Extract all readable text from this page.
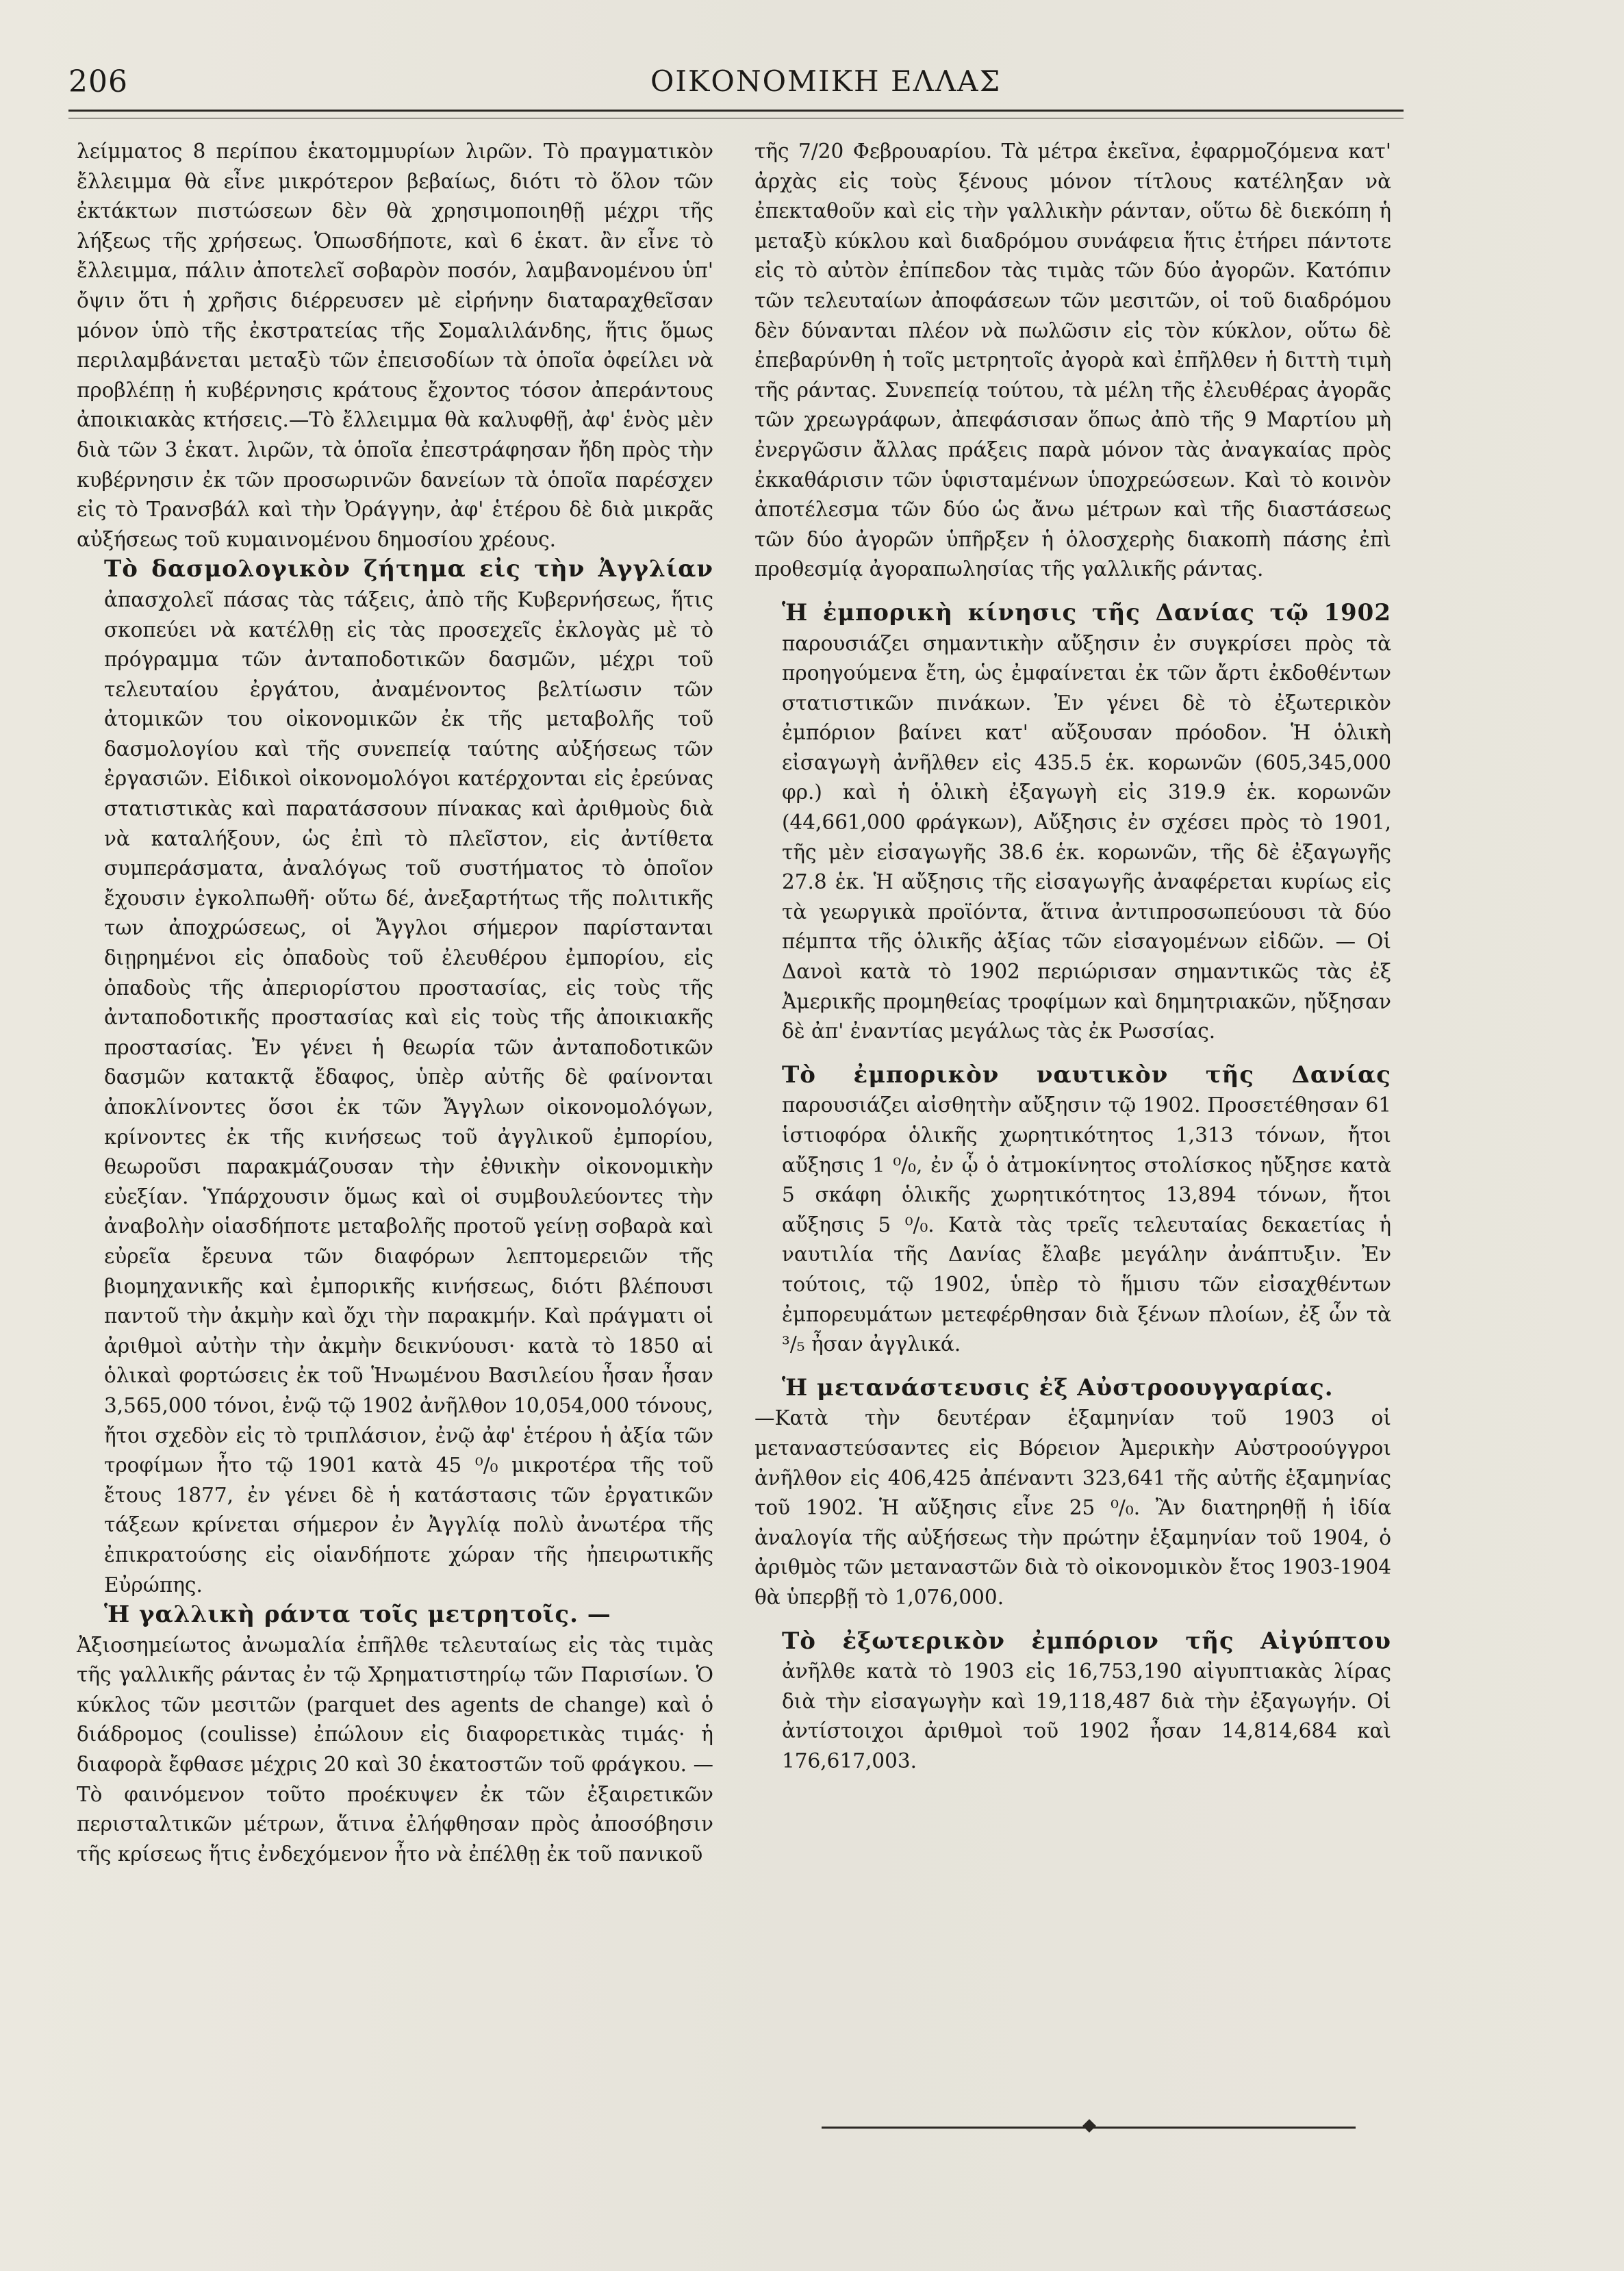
206	ΟΙΚΟΝΟΜΙΚΗ ΕΛΛΑΣ

λείμματος 8 περίπου ἑκατομμυρίων λιρῶν. Τὸ πραγματικὸν ἔλλειμμα θὰ εἶνε μικρότερον βεβαίως, διότι τὸ ὅλον τῶν ἐκτάκτων πιστώσεων δὲν θὰ χρησιμοποιηθῇ μέχρι τῆς λήξεως τῆς χρήσεως. Ὁπωσδήποτε, καὶ 6 ἑκατ. ἂν εἶνε τὸ ἔλλειμμα, πάλιν ἀποτελεῖ σοβαρὸν ποσόν, λαμβανομένου ὑπ' ὄψιν ὅτι ἡ χρῆσις διέρρευσεν μὲ εἰρήνην διαταραχθεῖσαν μόνον ὑπὸ τῆς ἐκστρατείας τῆς Σομαλιλάνδης, ἥτις ὅμως περιλαμβάνεται μεταξὺ τῶν ἐπεισοδίων τὰ ὁποῖα ὀφείλει νὰ προβλέπῃ ἡ κυβέρνησις κράτους ἔχοντος τόσον ἀπεράντους ἀποικιακὰς κτήσεις.—Τὸ ἔλλειμμα θὰ καλυφθῇ, ἀφ' ἑνὸς μὲν διὰ τῶν 3 ἑκατ. λιρῶν, τὰ ὁποῖα ἐπεστράφησαν ἤδη πρὸς τὴν κυβέρνησιν ἐκ τῶν προσωρινῶν δανείων τὰ ὁποῖα παρέσχεν εἰς τὸ Τρανσβάλ καὶ τὴν Ὀράγγην, ἀφ' ἑτέρου δὲ διὰ μικρᾶς αὐξήσεως τοῦ κυμαινομένου δημοσίου χρέους.

Τὸ δασμολογικὸν ζήτημα εἰς τὴν Ἀγγλίαν ἀπασχολεῖ πάσας τὰς τάξεις, ἀπὸ τῆς Κυβερνήσεως, ἥτις σκοπεύει νὰ κατέλθῃ εἰς τὰς προσεχεῖς ἐκλογὰς μὲ τὸ πρόγραμμα τῶν ἀνταποδοτικῶν δασμῶν, μέχρι τοῦ τελευταίου ἐργάτου, ἀναμένοντος βελτίωσιν τῶν ἀτομικῶν του οἰκονομικῶν ἐκ τῆς μεταβολῆς τοῦ δασμολογίου καὶ τῆς συνεπείᾳ ταύτης αὐξήσεως τῶν ἐργασιῶν. Εἰδικοὶ οἰκονομολόγοι κατέρχονται εἰς ἐρεύνας στατιστικὰς καὶ παρατάσσουν πίνακας καὶ ἀριθμοὺς διὰ νὰ καταλήξουν, ὡς ἐπὶ τὸ πλεῖστον, εἰς ἀντίθετα συμπεράσματα, ἀναλόγως τοῦ συστήματος τὸ ὁποῖον ἔχουσιν ἐγκολπωθῆ· οὕτω δέ, ἀνεξαρτήτως τῆς πολιτικῆς των ἀποχρώσεως, οἱ Ἄγγλοι σήμερον παρίστανται διῃρημένοι εἰς ὀπαδοὺς τοῦ ἐλευθέρου ἐμπορίου, εἰς ὀπαδοὺς τῆς ἀπεριορίστου προστασίας, εἰς τοὺς τῆς ἀνταποδοτικῆς προστασίας καὶ εἰς τοὺς τῆς ἀποικιακῆς προστασίας. Ἐν γένει ἡ θεωρία τῶν ἀνταποδοτικῶν δασμῶν κατακτᾷ ἔδαφος, ὑπὲρ αὐτῆς δὲ φαίνονται ἀποκλίνοντες ὅσοι ἐκ τῶν Ἄγγλων οἰκονομολόγων, κρίνοντες ἐκ τῆς κινήσεως τοῦ ἀγγλικοῦ ἐμπορίου, θεωροῦσι παρακμάζουσαν τὴν ἐθνικὴν οἰκονομικὴν εὐεξίαν. Ὑπάρχουσιν ὅμως καὶ οἱ συμβουλεύοντες τὴν ἀναβολὴν οἱασδήποτε μεταβολῆς προτοῦ γείνῃ σοβαρὰ καὶ εὐρεῖα ἔρευνα τῶν διαφόρων λεπτομερειῶν τῆς βιομηχανικῆς καὶ ἐμπορικῆς κινήσεως, διότι βλέπουσι παντοῦ τὴν ἀκμὴν καὶ ὄχι τὴν παρακμήν. Καὶ πράγματι οἱ ἀριθμοὶ αὐτὴν τὴν ἀκμὴν δεικνύουσι· κατὰ τὸ 1850 αἱ ὁλικαὶ φορτώσεις ἐκ τοῦ Ἡνωμένου Βασιλείου ἦσαν ἦσαν 3,565,000 τόνοι, ἐνῷ τῷ 1902 ἀνῆλθον 10,054,000 τόνους, ἤτοι σχεδὸν εἰς τὸ τριπλάσιον, ἐνῷ ἀφ' ἑτέρου ἡ ἀξία τῶν τροφίμων ἦτο τῷ 1901 κατὰ 45 ⁰/₀ μικροτέρα τῆς τοῦ ἔτους 1877, ἐν γένει δὲ ἡ κατάστασις τῶν ἐργατικῶν τάξεων κρίνεται σήμερον ἐν Ἀγγλίᾳ πολὺ ἀνωτέρα τῆς ἐπικρατούσης εἰς οἱανδήποτε χώραν τῆς ἠπειρωτικῆς Εὐρώπης.

Ἡ γαλλικὴ ράντα τοῖς μετρητοῖς. —

Ἀξιοσημείωτος ἀνωμαλία ἐπῆλθε τελευταίως εἰς τὰς τιμὰς τῆς γαλλικῆς ράντας ἐν τῷ Χρηματιστηρίῳ τῶν Παρισίων. Ὁ κύκλος τῶν μεσιτῶν (parquet des agents de change) καὶ ὁ διάδρομος (coulisse) ἐπώλουν εἰς διαφορετικὰς τιμάς· ἡ διαφορὰ ἔφθασε μέχρις 20 καὶ 30 ἑκατοστῶν τοῦ φράγκου. —Τὸ φαινόμενον τοῦτο προέκυψεν ἐκ τῶν ἐξαιρετικῶν περισταλτικῶν μέτρων, ἅτινα ἐλήφθησαν πρὸς ἀποσόβησιν τῆς κρίσεως ἥτις ἐνδεχόμενον ἦτο νὰ ἐπέλθῃ ἐκ τοῦ πανικοῦ

τῆς 7/20 Φεβρουαρίου. Τὰ μέτρα ἐκεῖνα, ἐφαρμοζόμενα κατ' ἀρχὰς εἰς τοὺς ξένους μόνον τίτλους κατέληξαν νὰ ἐπεκταθοῦν καὶ εἰς τὴν γαλλικὴν ράνταν, οὕτω δὲ διεκόπη ἡ μεταξὺ κύκλου καὶ διαδρόμου συνάφεια ἥτις ἐτήρει πάντοτε εἰς τὸ αὐτὸν ἐπίπεδον τὰς τιμὰς τῶν δύο ἀγορῶν. Κατόπιν τῶν τελευταίων ἀποφάσεων τῶν μεσιτῶν, οἱ τοῦ διαδρόμου δὲν δύνανται πλέον νὰ πωλῶσιν εἰς τὸν κύκλον, οὕτω δὲ ἐπεβαρύνθη ἡ τοῖς μετρητοῖς ἀγορὰ καὶ ἐπῆλθεν ἡ διττὴ τιμὴ τῆς ράντας. Συνεπείᾳ τούτου, τὰ μέλη τῆς ἐλευθέρας ἀγορᾶς τῶν χρεωγράφων, ἀπεφάσισαν ὅπως ἀπὸ τῆς 9 Μαρτίου μὴ ἐνεργῶσιν ἄλλας πράξεις παρὰ μόνον τὰς ἀναγκαίας πρὸς ἐκκαθάρισιν τῶν ὑφισταμένων ὑποχρεώσεων. Καὶ τὸ κοινὸν ἀποτέλεσμα τῶν δύο ὡς ἄνω μέτρων καὶ τῆς διαστάσεως τῶν δύο ἀγορῶν ὑπῆρξεν ἡ ὁλοσχερὴς διακοπὴ πάσης ἐπὶ προθεσμίᾳ ἀγοραπωλησίας τῆς γαλλικῆς ράντας.

Ἡ ἐμπορικὴ κίνησις τῆς Δανίας τῷ 1902 παρουσιάζει σημαντικὴν αὔξησιν ἐν συγκρίσει πρὸς τὰ προηγούμενα ἔτη, ὡς ἐμφαίνεται ἐκ τῶν ἄρτι ἐκδοθέντων στατιστικῶν πινάκων. Ἐν γένει δὲ τὸ ἐξωτερικὸν ἐμπόριον βαίνει κατ' αὔξουσαν πρόοδον. Ἡ ὁλικὴ εἰσαγωγὴ ἀνῆλθεν εἰς 435.5 ἑκ. κορωνῶν (605,345,000 φρ.) καὶ ἡ ὁλικὴ ἐξαγωγὴ εἰς 319.9 ἑκ. κορωνῶν (44,661,000 φράγκων), Αὔξησις ἐν σχέσει πρὸς τὸ 1901, τῆς μὲν εἰσαγωγῆς 38.6 ἑκ. κορωνῶν, τῆς δὲ ἐξαγωγῆς 27.8 ἑκ. Ἡ αὔξησις τῆς εἰσαγωγῆς ἀναφέρεται κυρίως εἰς τὰ γεωργικὰ προϊόντα, ἅτινα ἀντιπροσωπεύουσι τὰ δύο πέμπτα τῆς ὁλικῆς ἀξίας τῶν εἰσαγομένων εἰδῶν. — Οἱ Δανοὶ κατὰ τὸ 1902 περιώρισαν σημαντικῶς τὰς ἐξ Ἀμερικῆς προμηθείας τροφίμων καὶ δημητριακῶν, ηὔξησαν δὲ ἀπ' ἐναντίας μεγάλως τὰς ἐκ Ρωσσίας.

Τὸ ἐμπορικὸν ναυτικὸν τῆς Δανίας παρουσιάζει αἰσθητὴν αὔξησιν τῷ 1902. Προσετέθησαν 61 ἱστιοφόρα ὁλικῆς χωρητικότητος 1,313 τόνων, ἤτοι αὔξησις 1 ⁰/₀, ἐν ᾧ ὁ ἀτμοκίνητος στολίσκος ηὔξησε κατὰ 5 σκάφη ὁλικῆς χωρητικότητος 13,894 τόνων, ἤτοι αὔξησις 5 ⁰/₀. Κατὰ τὰς τρεῖς τελευταίας δεκαετίας ἡ ναυτιλία τῆς Δανίας ἔλαβε μεγάλην ἀνάπτυξιν. Ἐν τούτοις, τῷ 1902, ὑπὲρ τὸ ἥμισυ τῶν εἰσαχθέντων ἐμπορευμάτων μετεφέρθησαν διὰ ξένων πλοίων, ἐξ ὧν τὰ ³/₅ ἦσαν ἀγγλικά.

Ἡ μετανάστευσις ἐξ Αὐστροουγγαρίας.

—Κατὰ τὴν δευτέραν ἑξαμηνίαν τοῦ 1903 οἱ μεταναστεύσαντες εἰς Βόρειον Ἀμερικὴν Αὐστροούγγροι ἀνῆλθον εἰς 406,425 ἀπέναντι 323,641 τῆς αὐτῆς ἑξαμηνίας τοῦ 1902. Ἡ αὔξησις εἶνε 25 ⁰/₀. Ἂν διατηρηθῇ ἡ ἰδία ἀναλογία τῆς αὐξήσεως τὴν πρώτην ἑξαμηνίαν τοῦ 1904, ὁ ἀριθμὸς τῶν μεταναστῶν διὰ τὸ οἰκονομικὸν ἔτος 1903-1904 θὰ ὑπερβῇ τὸ 1,076,000.

Τὸ ἐξωτερικὸν ἐμπόριον τῆς Αἰγύπτου ἀνῆλθε κατὰ τὸ 1903 εἰς 16,753,190 αἰγυπτιακὰς λίρας διὰ τὴν εἰσαγωγὴν καὶ 19,118,487 διὰ τὴν ἐξαγωγήν. Οἱ ἀντίστοιχοι ἀριθμοὶ τοῦ 1902 ἦσαν 14,814,684 καὶ 176,617,003.
